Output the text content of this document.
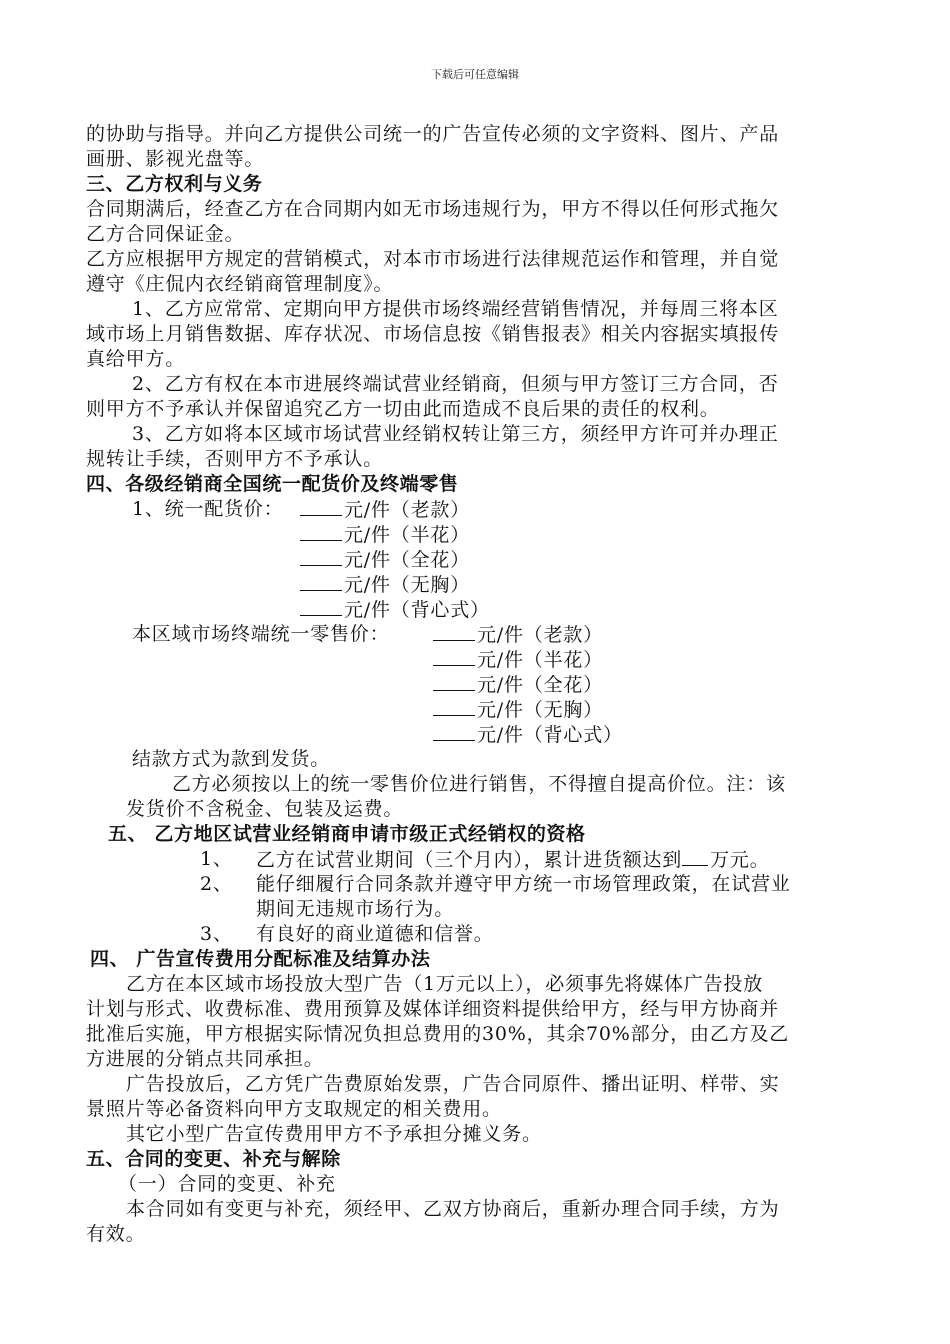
下载后可任意编辑
的协助与指导。并向乙方提供公司统一的广告宣传必须的文字资料、图片、产品
画册、影视光盘等。
三、乙方权利与义务
合同期满后，经查乙方在合同期内如无市场违规行为，甲方不得以任何形式拖欠
乙方合同保证金。
乙方应根据甲方规定的营销模式，对本市市场进行法律规范运作和管理，并自觉
遵守《庄侃内衣经销商管理制度》。
1、乙方应常常、定期向甲方提供市场终端经营销售情况，并每周三将本区
域市场上月销售数据、库存状况、市场信息按《销售报表》相关内容据实填报传
真给甲方。
2、乙方有权在本市进展终端试营业经销商，但须与甲方签订三方合同，否
则甲方不予承认并保留追究乙方一切由此而造成不良后果的责任的权利。
3、乙方如将本区域市场试营业经销权转让第三方，须经甲方许可并办理正
规转让手续，否则甲方不予承认。
四、各级经销商全国统一配货价及终端零售
1、统一配货价：	元/件（老款）
元/件（半花）
元/件（全花）
元/件（无胸）
元/件（背心式）
本区域市场终端统一零售价：	元/件（老款）
元/件（半花）
元/件（全花）
元/件（无胸）
元/件（背心式）
结款方式为款到发货。
乙方必须按以上的统一零售价位进行销售，不得擅自提高价位。注：该
发货价不含税金、包装及运费。
五、 乙方地区试营业经销商申请市级正式经销权的资格
1、 乙方在试营业期间（三个月内），累计进货额达到 万元。
2、 能仔细履行合同条款并遵守甲方统一市场管理政策，在试营业
期间无违规市场行为。
3、 有良好的商业道德和信誉。
四、 广告宣传费用分配标准及结算办法
乙方在本区域市场投放大型广告（1万元以上），必须事先将媒体广告投放
计划与形式、收费标准、费用预算及媒体详细资料提供给甲方，经与甲方协商并
批准后实施，甲方根据实际情况负担总费用的30%，其余70%部分，由乙方及乙
方进展的分销点共同承担。
广告投放后，乙方凭广告费原始发票，广告合同原件、播出证明、样带、实
景照片等必备资料向甲方支取规定的相关费用。
其它小型广告宣传费用甲方不予承担分摊义务。
五、合同的变更、补充与解除
（一）合同的变更、补充
本合同如有变更与补充，须经甲、乙双方协商后，重新办理合同手续，方为
有效。
